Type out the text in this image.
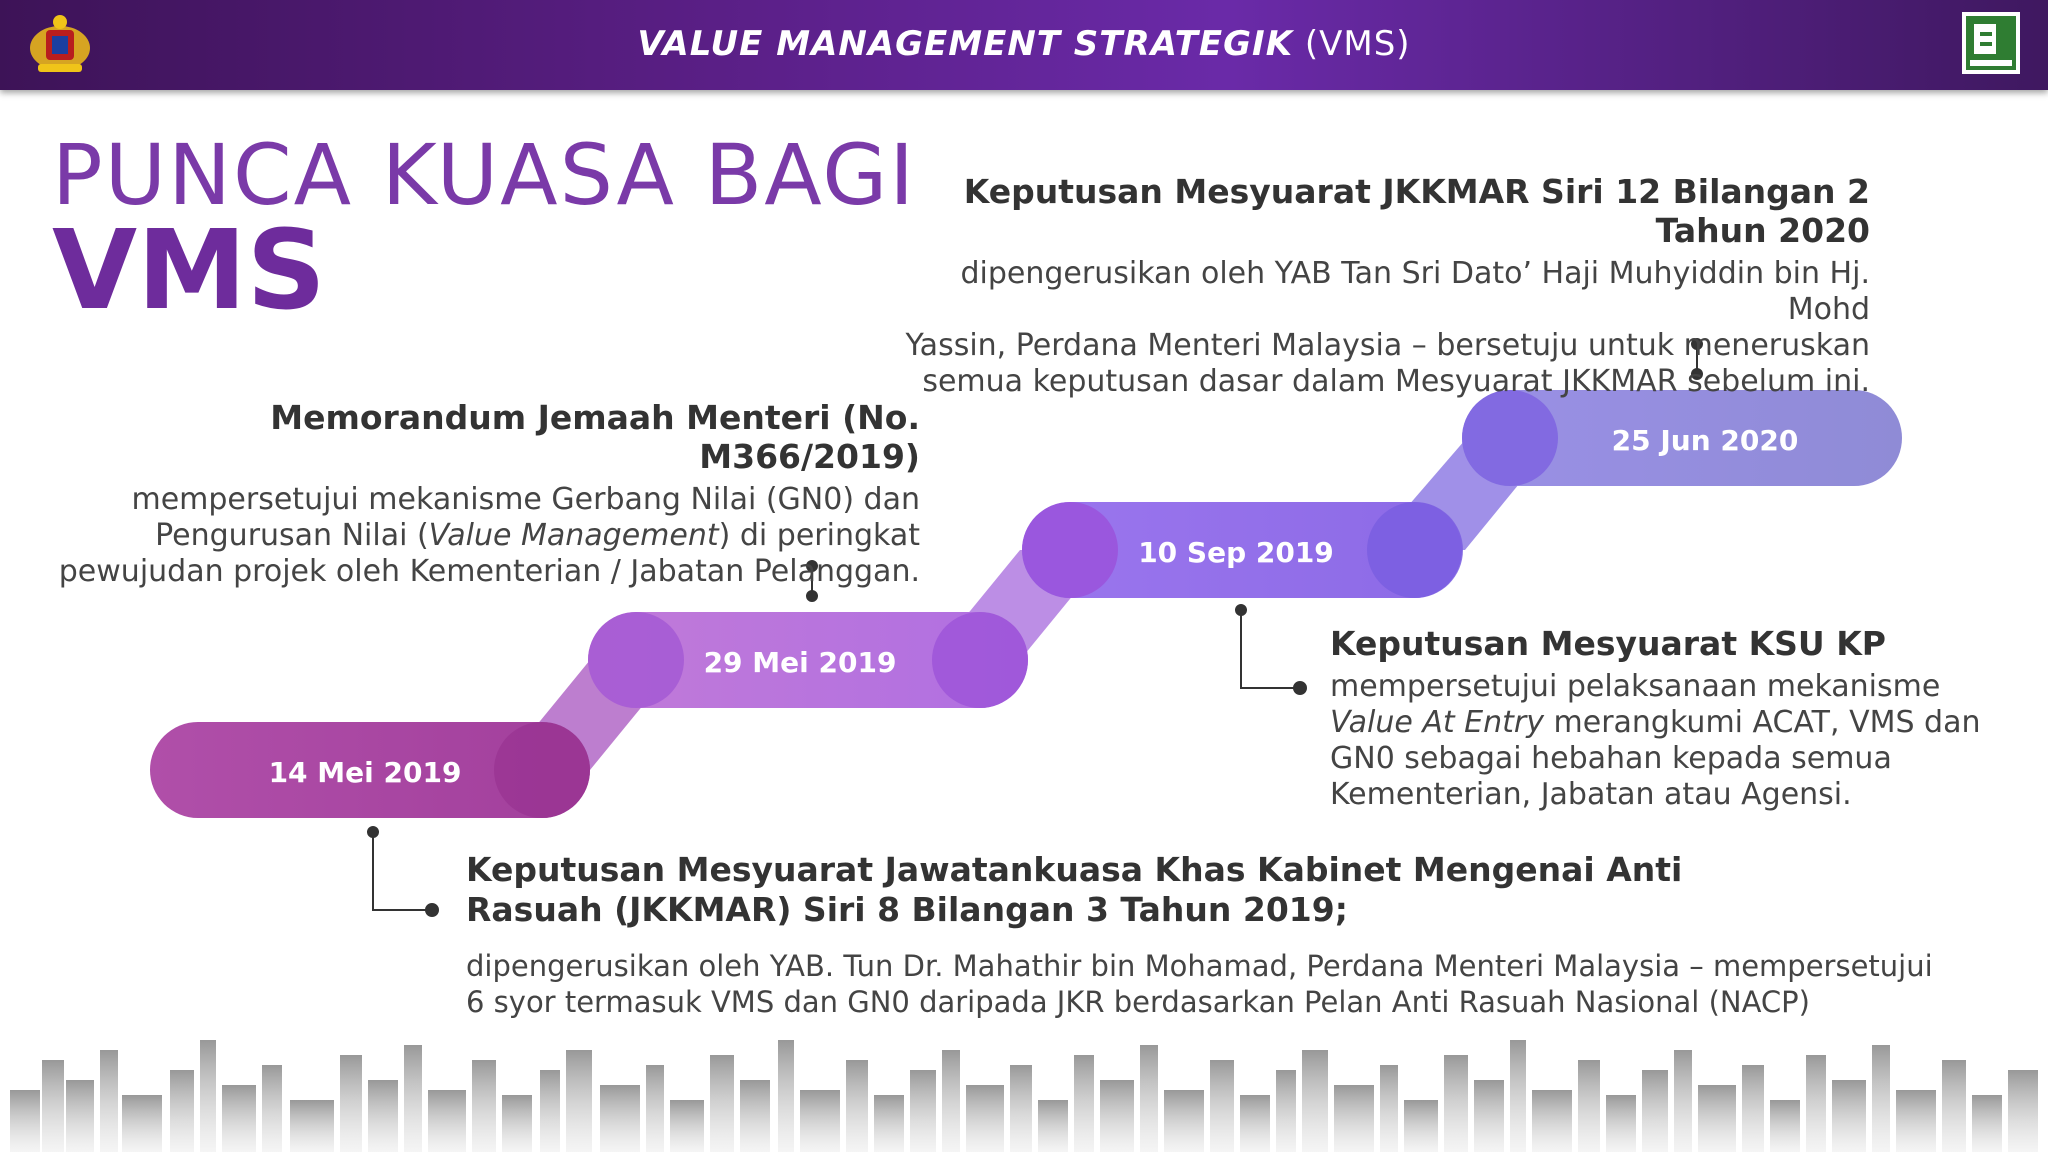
VALUE MANAGEMENT STRATEGIK (VMS)
PUNCA KUASA BAGI
VMS
14 Mei 2019
29 Mei 2019
10 Sep 2019
25 Jun 2020
Keputusan Mesyuarat JKKMAR Siri 12 Bilangan 2 Tahun 2020
dipengerusikan oleh YAB Tan Sri Dato’ Haji Muhyiddin bin Hj. Mohd
Yassin, Perdana Menteri Malaysia – bersetuju untuk meneruskan
semua keputusan dasar dalam Mesyuarat JKKMAR sebelum ini.
Memorandum Jemaah Menteri (No. M366/2019)
mempersetujui mekanisme Gerbang Nilai (GN0) dan
Pengurusan Nilai (Value Management) di peringkat
pewujudan projek oleh Kementerian / Jabatan Pelanggan.
Keputusan Mesyuarat KSU KP
mempersetujui pelaksanaan mekanisme
Value At Entry merangkumi ACAT, VMS dan
GN0 sebagai hebahan kepada semua
Kementerian, Jabatan atau Agensi.
Keputusan Mesyuarat Jawatankuasa Khas Kabinet Mengenai Anti
Rasuah (JKKMAR) Siri 8 Bilangan 3 Tahun 2019;
dipengerusikan oleh YAB. Tun Dr. Mahathir bin Mohamad, Perdana Menteri Malaysia – mempersetujui
6 syor termasuk VMS dan GN0 daripada JKR berdasarkan Pelan Anti Rasuah Nasional (NACP)
